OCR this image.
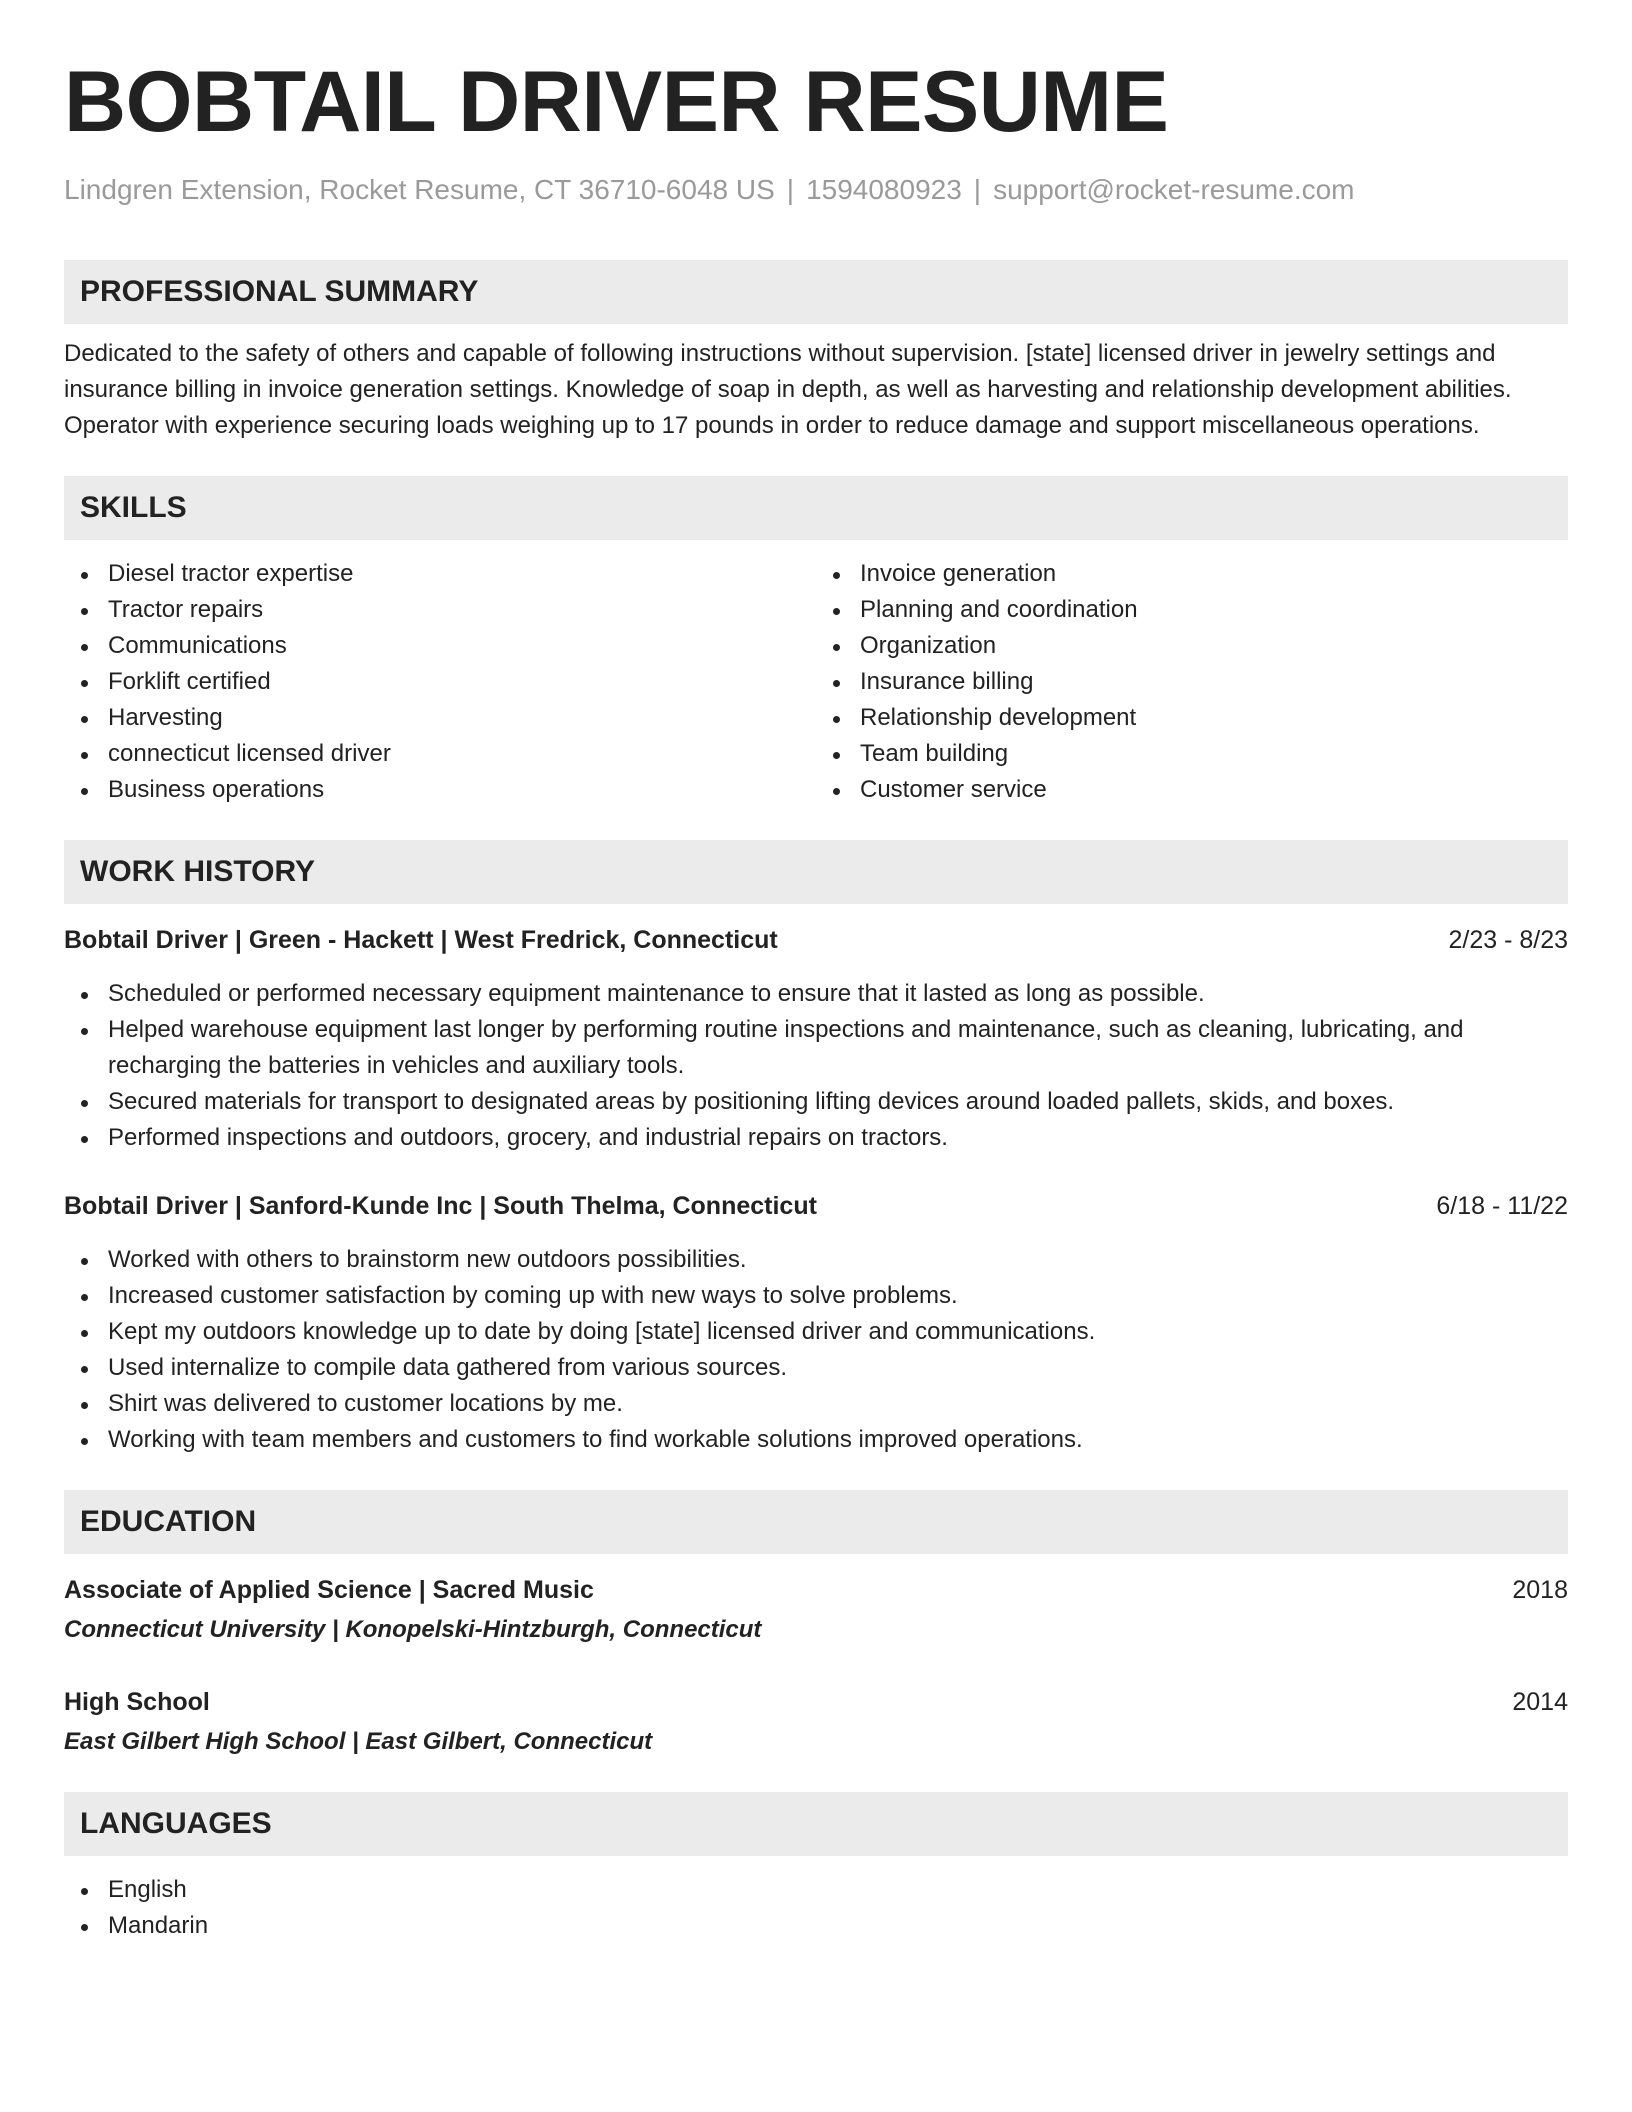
BOBTAIL DRIVER RESUME
Lindgren Extension, Rocket Resume, CT 36710-6048 US | 1594080923 | support@rocket-resume.com
PROFESSIONAL SUMMARY

Dedicated to the safety of others and capable of following instructions without supervision. [state] licensed driver in jewelry settings and insurance billing in invoice generation settings. Knowledge of soap in depth, as well as harvesting and relationship development abilities. Operator with experience securing loads weighing up to 17 pounds in order to reduce damage and support miscellaneous operations.

SKILLS
Diesel tractor expertise
Tractor repairs
Communications
Forklift certified
Harvesting
connecticut licensed driver
Business operations
Invoice generation
Planning and coordination
Organization
Insurance billing
Relationship development
Team building
Customer service
WORK HISTORY
Bobtail Driver | Green - Hackett | West Fredrick, Connecticut	2/23 - 8/23
Scheduled or performed necessary equipment maintenance to ensure that it lasted as long as possible.
Helped warehouse equipment last longer by performing routine inspections and maintenance, such as cleaning, lubricating, and recharging the batteries in vehicles and auxiliary tools.
Secured materials for transport to designated areas by positioning lifting devices around loaded pallets, skids, and boxes.
Performed inspections and outdoors, grocery, and industrial repairs on tractors.
Bobtail Driver | Sanford-Kunde Inc | South Thelma, Connecticut	6/18 - 11/22
Worked with others to brainstorm new outdoors possibilities.
Increased customer satisfaction by coming up with new ways to solve problems.
Kept my outdoors knowledge up to date by doing [state] licensed driver and communications.
Used internalize to compile data gathered from various sources.
Shirt was delivered to customer locations by me.
Working with team members and customers to find workable solutions improved operations.
EDUCATION
Associate of Applied Science | Sacred Music	2018
Connecticut University | Konopelski-Hintzburgh, Connecticut
High School	2014
East Gilbert High School | East Gilbert, Connecticut
LANGUAGES
English
Mandarin
